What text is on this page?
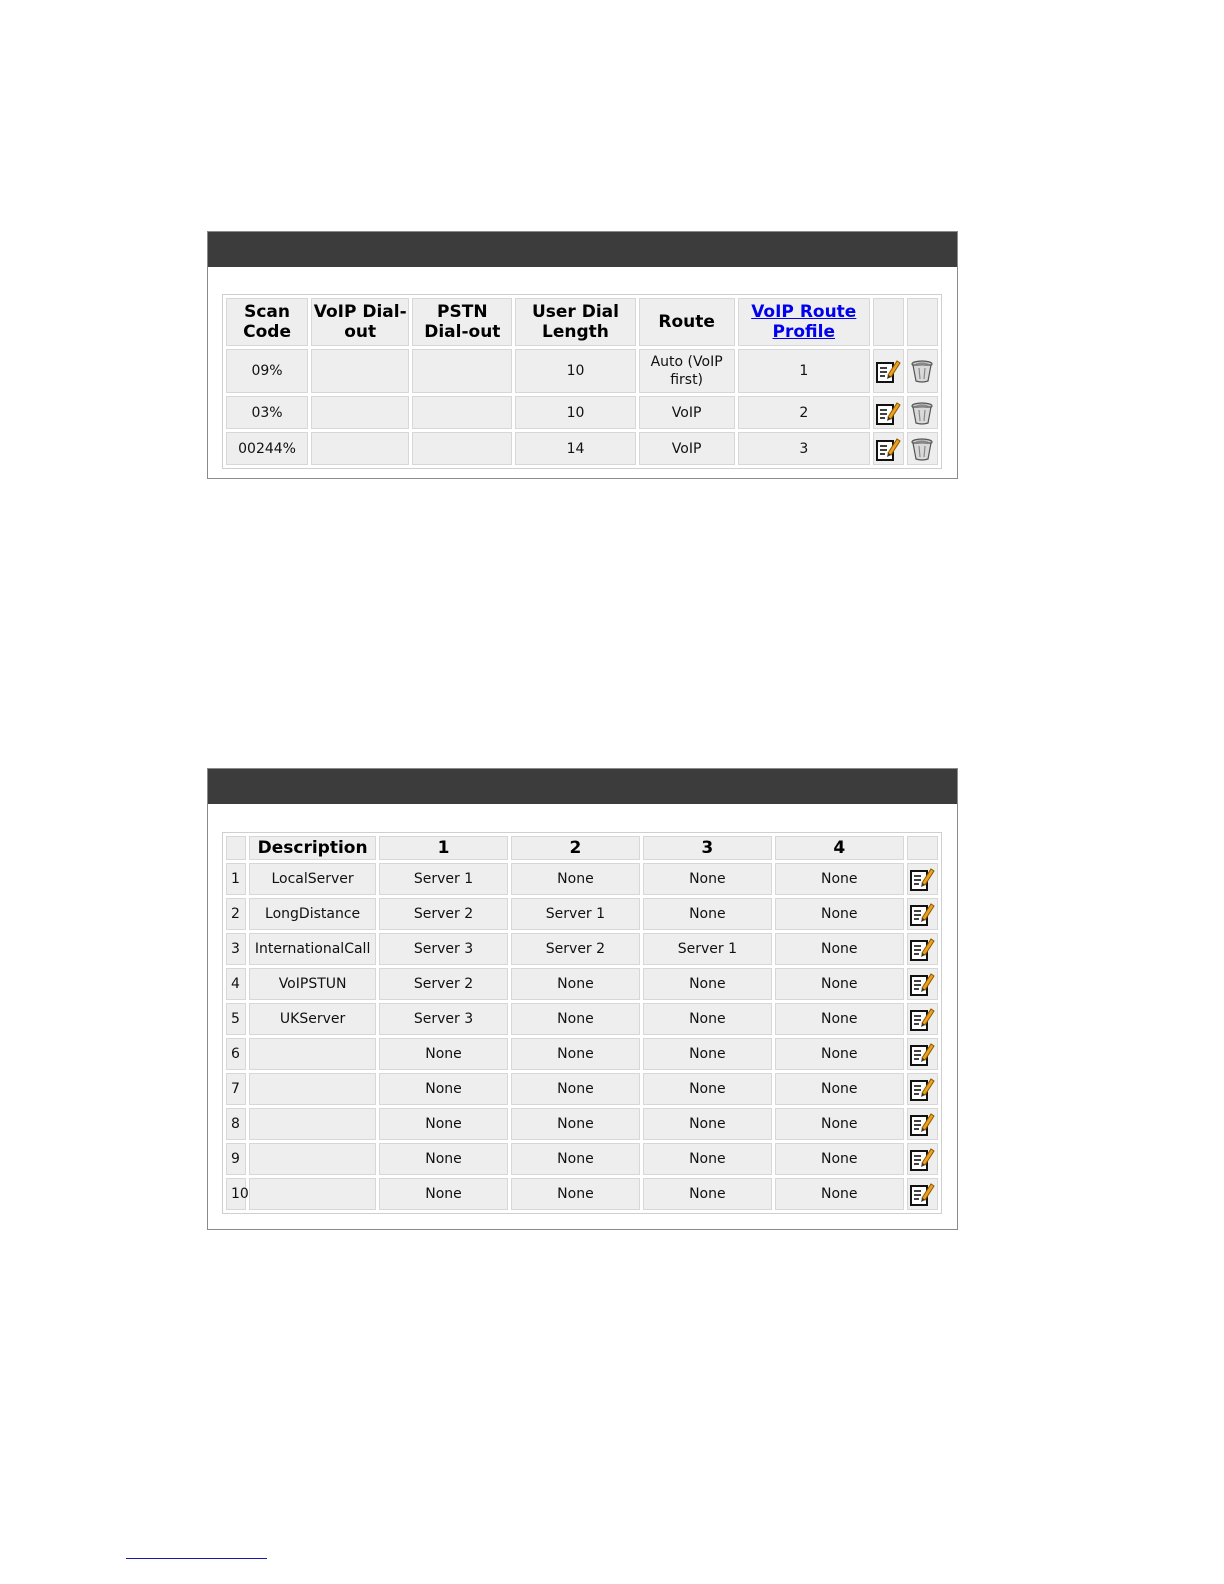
Scan Code	VoIP Dial-out	PSTN Dial-out	User Dial Length	Route	VoIP Route Profile		
09%			10	Auto (VoIP first)	1		
03%			10	VoIP	2		
00244%			14	VoIP	3		
	Description	1	2	3	4	
1	LocalServer	Server 1	None	None	None	
2	LongDistance	Server 2	Server 1	None	None	
3	InternationalCall	Server 3	Server 2	Server 1	None	
4	VoIPSTUN	Server 2	None	None	None	
5	UKServer	Server 3	None	None	None	
6		None	None	None	None	
7		None	None	None	None	
8		None	None	None	None	
9		None	None	None	None	
10		None	None	None	None	
